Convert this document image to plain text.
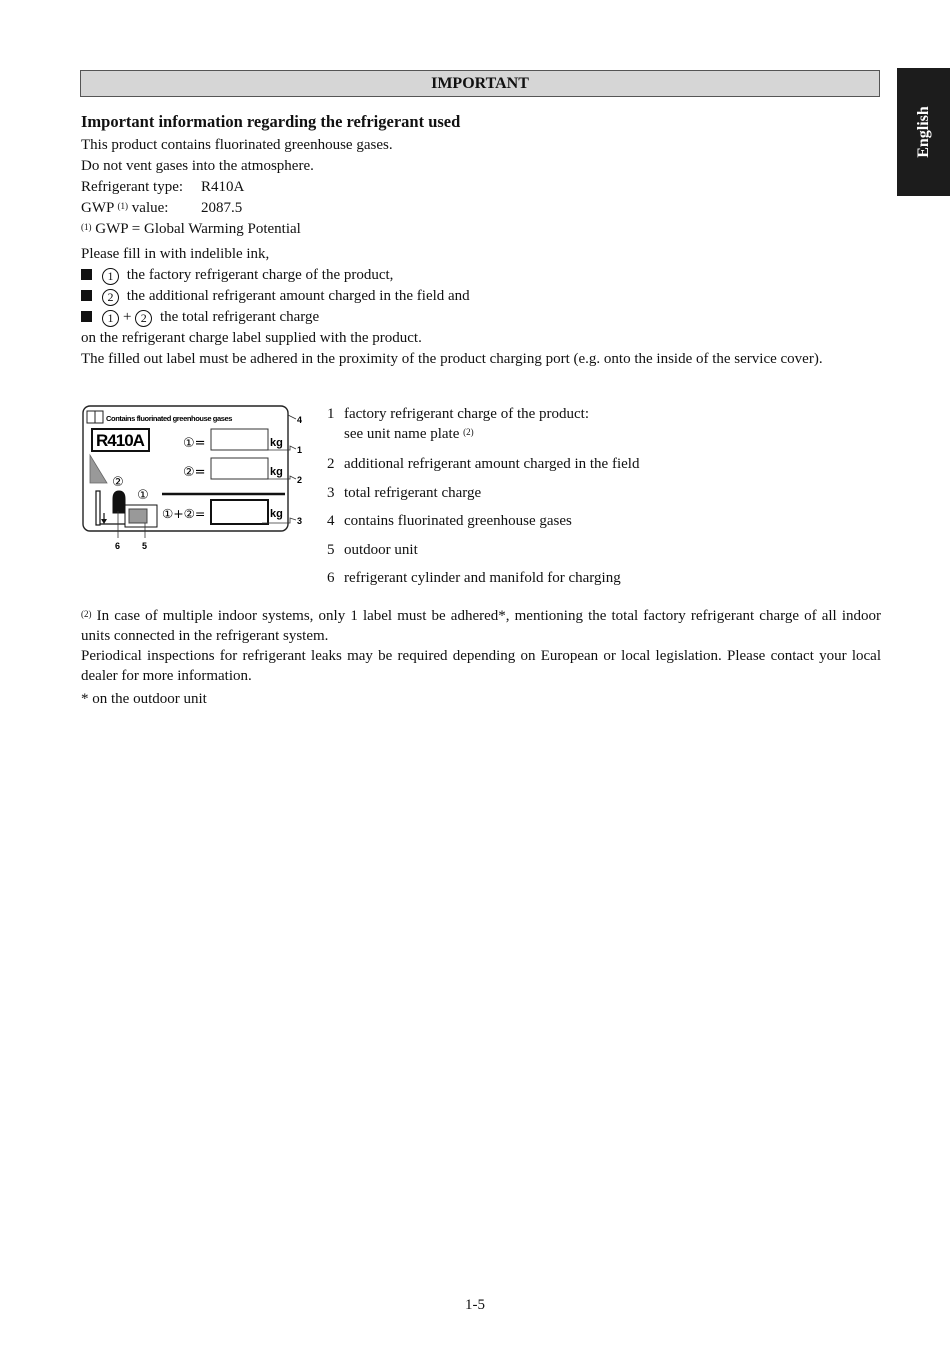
English
IMPORTANT

Important information regarding the refrigerant used

This product contains fluorinated greenhouse gases.

Do not vent gases into the atmosphere.

Refrigerant type: R410A

GWP $^{(1)}$ value: 2087.5

$^{(1)}$ GWP = Global Warming Potential

Please fill in with indelible ink,

1 the factory refrigerant charge of the product,

2 the additional refrigerant amount charged in the field and

1 + 2 the total refrigerant charge

on the refrigerant charge label supplied with the product.

The filled out label must be adhered in the proximity of the product charging port (e.g. onto the inside of the service cover).

Contains fluorinated greenhouse gases
R410A	①=	kg
②=	kg
①+②=	kg
②
①
4
1
2
3
6 5
1 factory refrigerant charge of the product:
see unit name plate $^{(2)}$
2 additional refrigerant amount charged in the field
3 total refrigerant charge
4 contains fluorinated greenhouse gases
5 outdoor unit
6 refrigerant cylinder and manifold for charging

$^{(2)}$ In case of multiple indoor systems, only 1 label must be adhered*, mentioning the total factory refrigerant charge of all indoor units connected in the refrigerant system.

Periodical inspections for refrigerant leaks may be required depending on European or local legislation. Please contact your local dealer for more information.

* on the outdoor unit

1-5
